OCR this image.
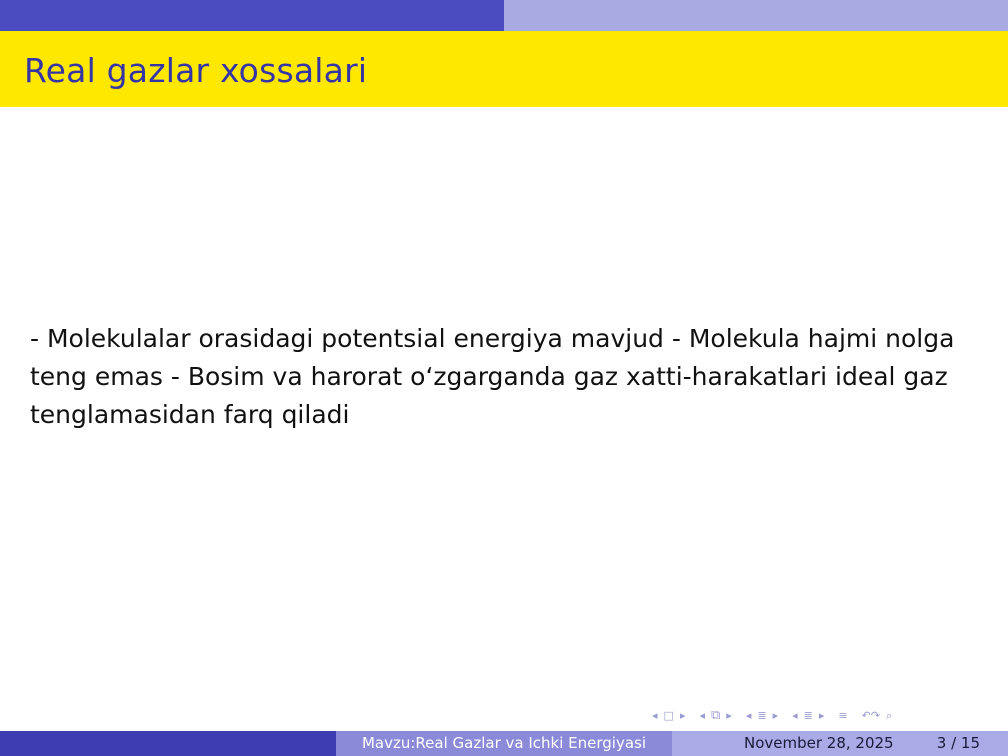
Real gazlar xossalari
- Molekulalar orasidagi potentsial energiya mavjud - Molekula hajmi nolga teng emas - Bosim va harorat o‘zgarganda gaz xatti-harakatlari ideal gaz tenglamasidan farq qiladi
◂ □ ▸ ◂ ⧉ ▸ ◂ ≣ ▸ ◂ ≣ ▸ ≡ ↶↷ ⌕
Mavzu:Real Gazlar va Ichki Energiyasi	November 28, 2025	3 / 15
